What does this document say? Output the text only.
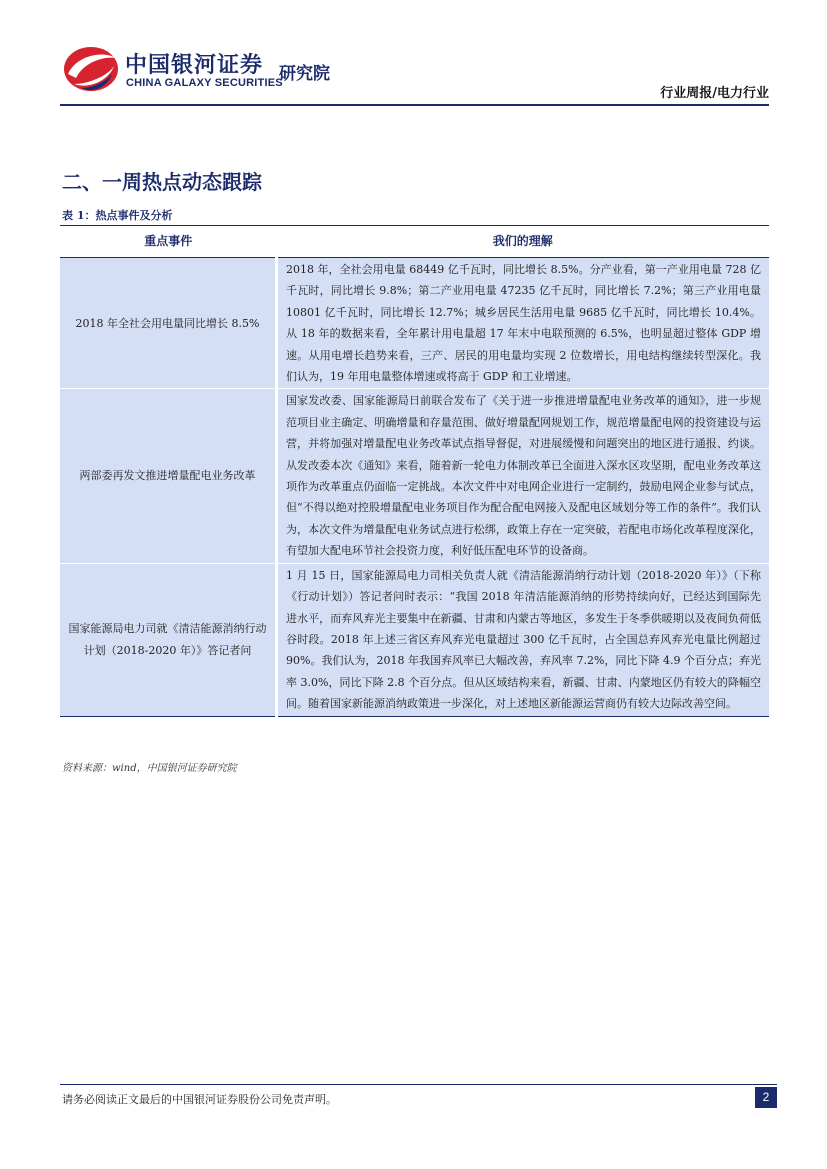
中国银河证券
CHINA GALAXY SECURITIES
研究院
行业周报/电力行业
二、一周热点动态跟踪
表 1：热点事件及分析
重点事件	我们的理解
2018 年全社会用电量同比增长 8.5%	2018 年，全社会用电量 68449 亿千瓦时，同比增长 8.5%。分产业看，第一产业用电量 728 亿千瓦时，同比增长 9.8%；第二产业用电量 47235 亿千瓦时，同比增长 7.2%；第三产业用电量 10801 亿千瓦时，同比增长 12.7%；城乡居民生活用电量 9685 亿千瓦时，同比增长 10.4%。从 18 年的数据来看，全年累计用电量超 17 年末中电联预测的 6.5%，也明显超过整体 GDP 增速。从用电增长趋势来看，三产、居民的用电量均实现 2 位数增长，用电结构继续转型深化。我们认为，19 年用电量整体增速或将高于 GDP 和工业增速。
两部委再发文推进增量配电业务改革	国家发改委、国家能源局日前联合发布了《关于进一步推进增量配电业务改革的通知》，进一步规范项目业主确定、明确增量和存量范围、做好增量配网规划工作，规范增量配电网的投资建设与运营，并将加强对增量配电业务改革试点指导督促，对进展缓慢和问题突出的地区进行通报、约谈。从发改委本次《通知》来看，随着新一轮电力体制改革已全面进入深水区攻坚期，配电业务改革这项作为改革重点仍面临一定挑战。本次文件中对电网企业进行一定制约，鼓励电网企业参与试点，但“不得以绝对控股增量配电业务项目作为配合配电网接入及配电区域划分等工作的条件”。我们认为，本次文件为增量配电业务试点进行松绑，政策上存在一定突破，若配电市场化改革程度深化，有望加大配电环节社会投资力度，利好低压配电环节的设备商。
国家能源局电力司就《清洁能源消纳行动计划（2018-2020 年）》答记者问	1 月 15 日，国家能源局电力司相关负责人就《清洁能源消纳行动计划（2018-2020 年）》（下称《行动计划》）答记者问时表示：“我国 2018 年清洁能源消纳的形势持续向好，已经达到国际先进水平，而弃风弃光主要集中在新疆、甘肃和内蒙古等地区，多发生于冬季供暖期以及夜间负荷低谷时段。2018 年上述三省区弃风弃光电量超过 300 亿千瓦时，占全国总弃风弃光电量比例超过 90%。我们认为，2018 年我国弃风率已大幅改善，弃风率 7.2%，同比下降 4.9 个百分点；弃光率 3.0%，同比下降 2.8 个百分点。但从区域结构来看，新疆、甘肃、内蒙地区仍有较大的降幅空间。随着国家新能源消纳政策进一步深化，对上述地区新能源运营商仍有较大边际改善空间。
资料来源：wind，中国银河证券研究院
请务必阅读正文最后的中国银河证券股份公司免责声明。	2
